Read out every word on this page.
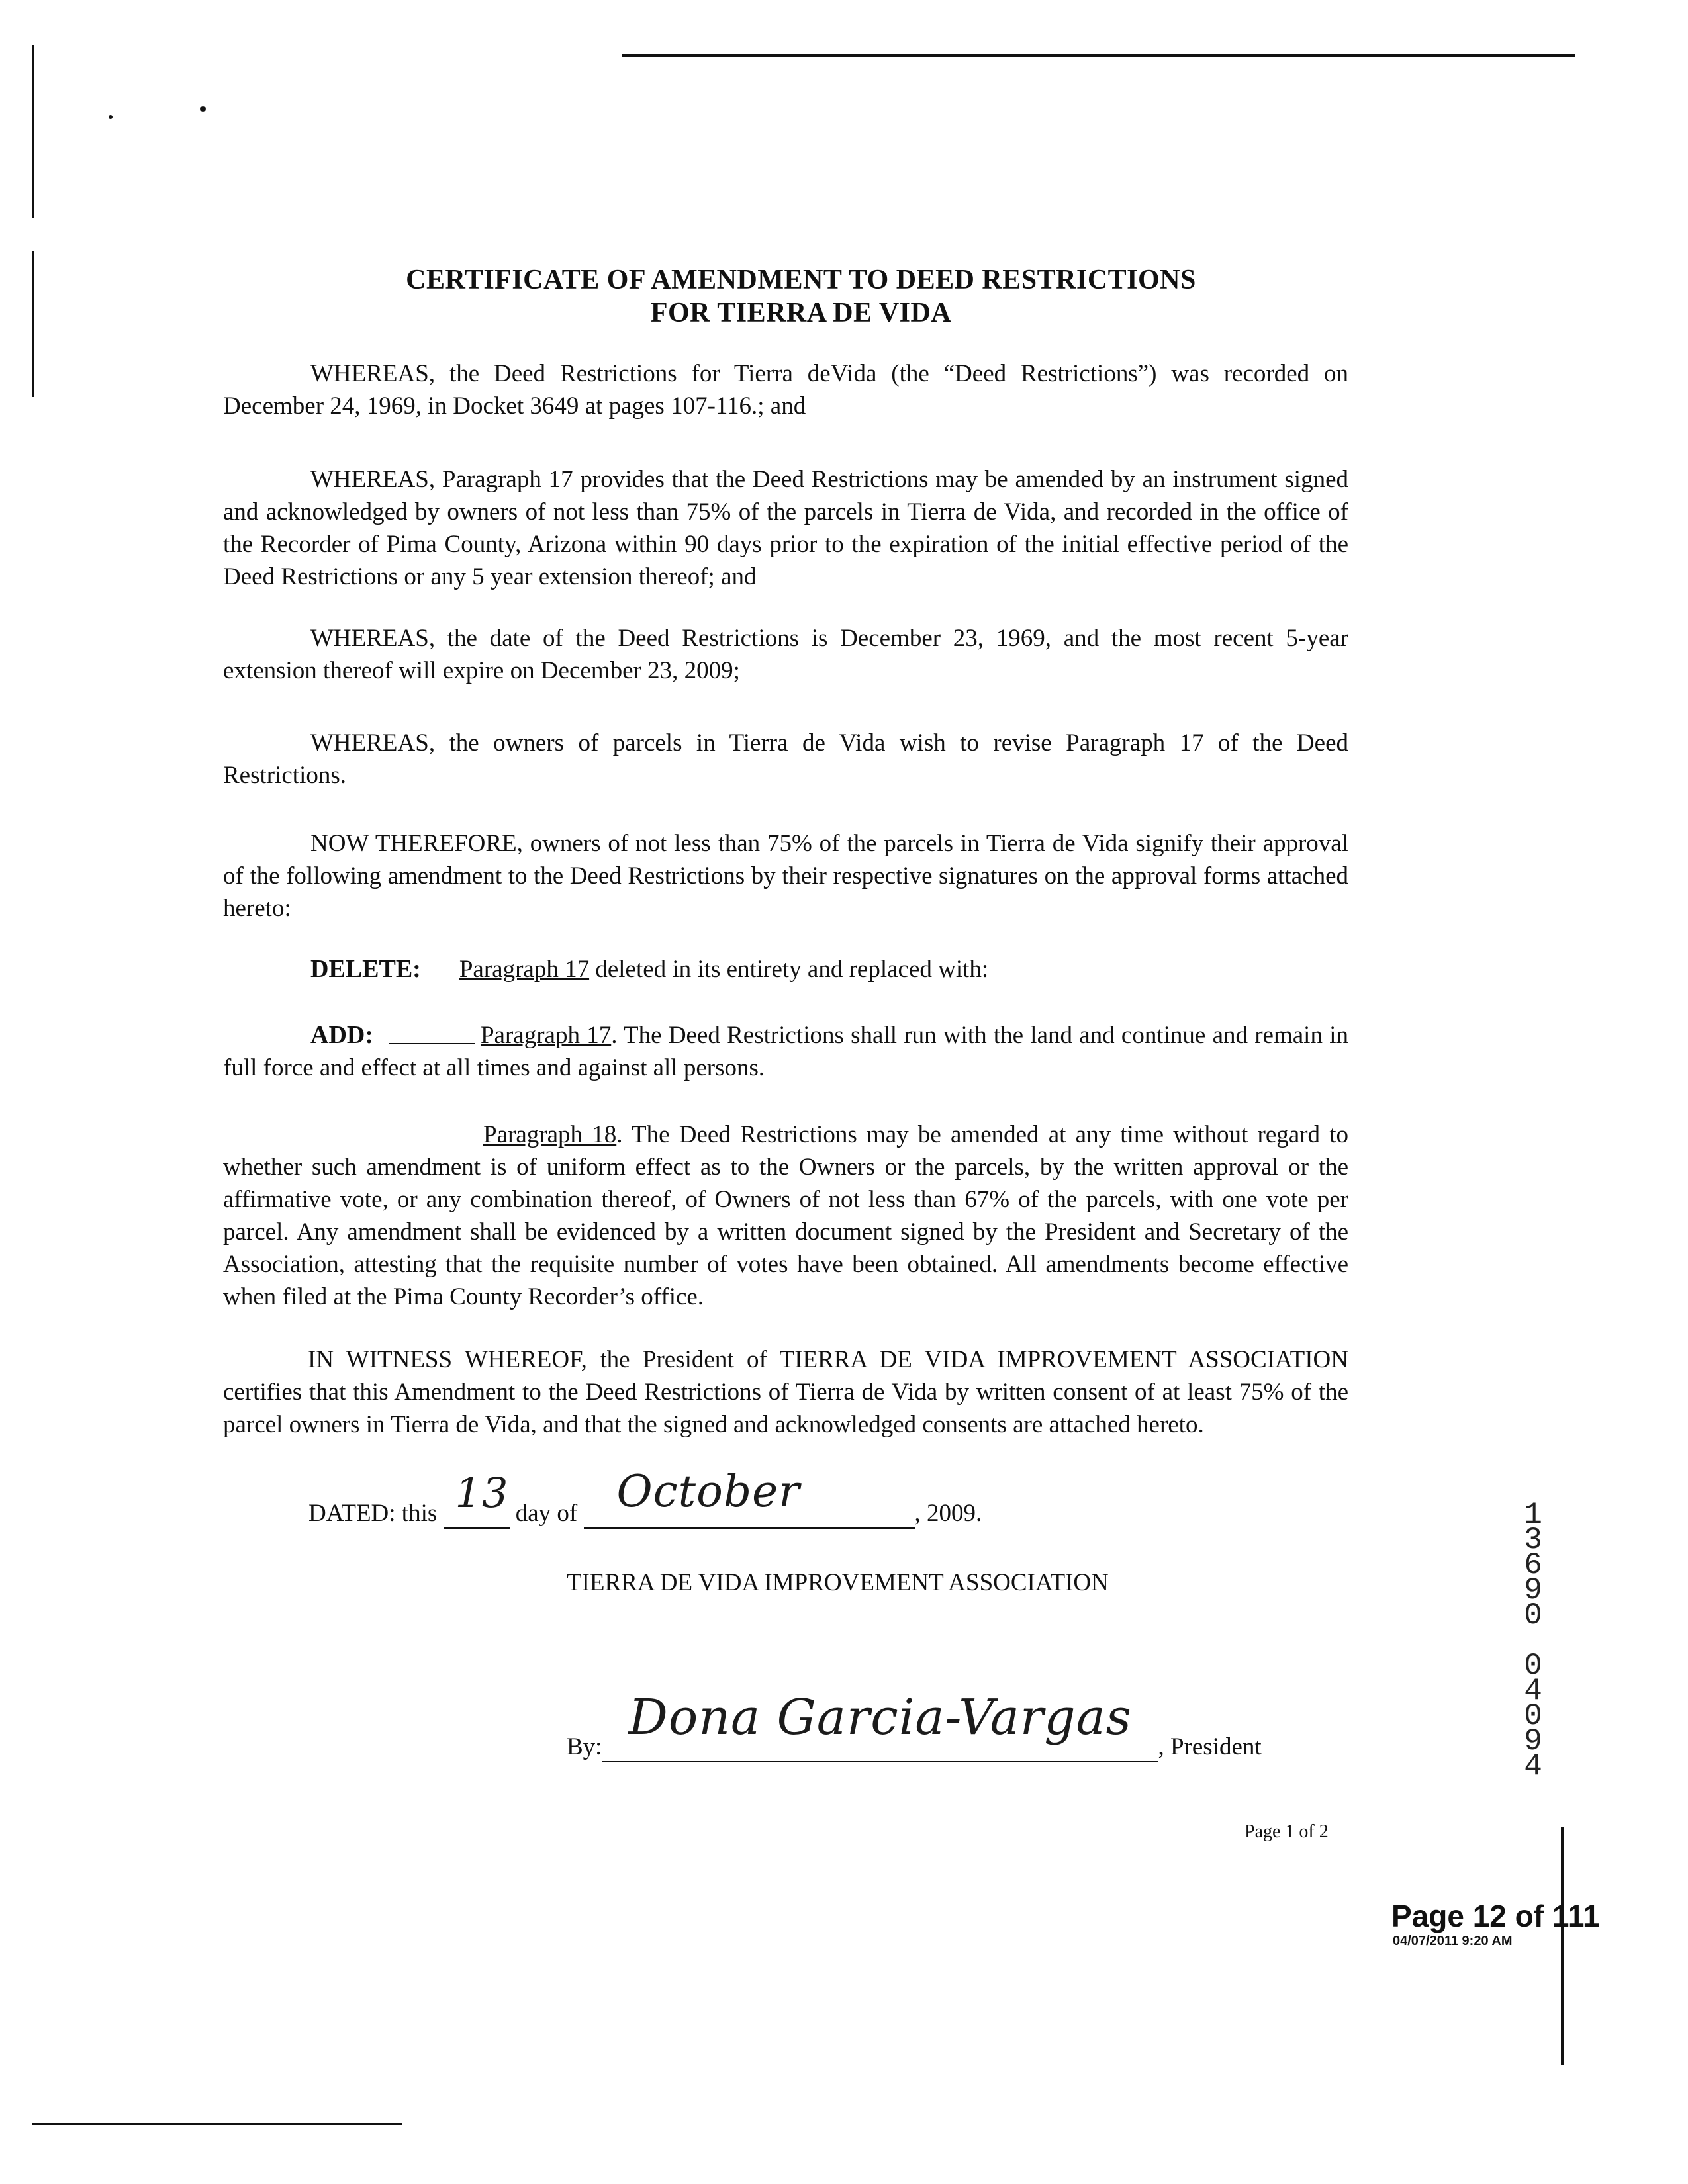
CERTIFICATE OF AMENDMENT TO DEED RESTRICTIONS
FOR TIERRA DE VIDA
WHEREAS, the Deed Restrictions for Tierra deVida (the “Deed Restrictions”) was recorded on December 24, 1969, in Docket 3649 at pages 107-116.; and
WHEREAS, Paragraph 17 provides that the Deed Restrictions may be amended by an instrument signed and acknowledged by owners of not less than 75% of the parcels in Tierra de Vida, and recorded in the office of the Recorder of Pima County, Arizona within 90 days prior to the expiration of the initial effective period of the Deed Restrictions or any 5 year extension thereof; and
WHEREAS, the date of the Deed Restrictions is December 23, 1969, and the most recent 5-year extension thereof will expire on December 23, 2009;
WHEREAS, the owners of parcels in Tierra de Vida wish to revise Paragraph 17 of the Deed Restrictions.
NOW THEREFORE, owners of not less than 75% of the parcels in Tierra de Vida signify their approval of the following amendment to the Deed Restrictions by their respective signatures on the approval forms attached hereto:
DELETE: Paragraph 17 deleted in its entirety and replaced with:
ADD:	Paragraph 17. The Deed Restrictions shall run with the land and continue and remain in full force and effect at all times and against all persons.
Paragraph 18. The Deed Restrictions may be amended at any time without regard to whether such amendment is of uniform effect as to the Owners or the parcels, by the written approval or the affirmative vote, or any combination thereof, of Owners of not less than 67% of the parcels, with one vote per parcel. Any amendment shall be evidenced by a written document signed by the President and Secretary of the Association, attesting that the requisite number of votes have been obtained. All amendments become effective when filed at the Pima County Recorder’s office.
IN WITNESS WHEREOF, the President of TIERRA DE VIDA IMPROVEMENT ASSOCIATION certifies that this Amendment to the Deed Restrictions of Tierra de Vida by written consent of at least 75% of the parcel owners in Tierra de Vida, and that the signed and acknowledged consents are attached hereto.
DATED: this 13 day of October	, 2009.
TIERRA DE VIDA IMPROVEMENT ASSOCIATION
By:
Dona Garcia-Vargas
, President
Page 1 of 2
1
3
6
9
0
0
4
0
9
4
Page 12 of 111
04/07/2011 9:20 AM
